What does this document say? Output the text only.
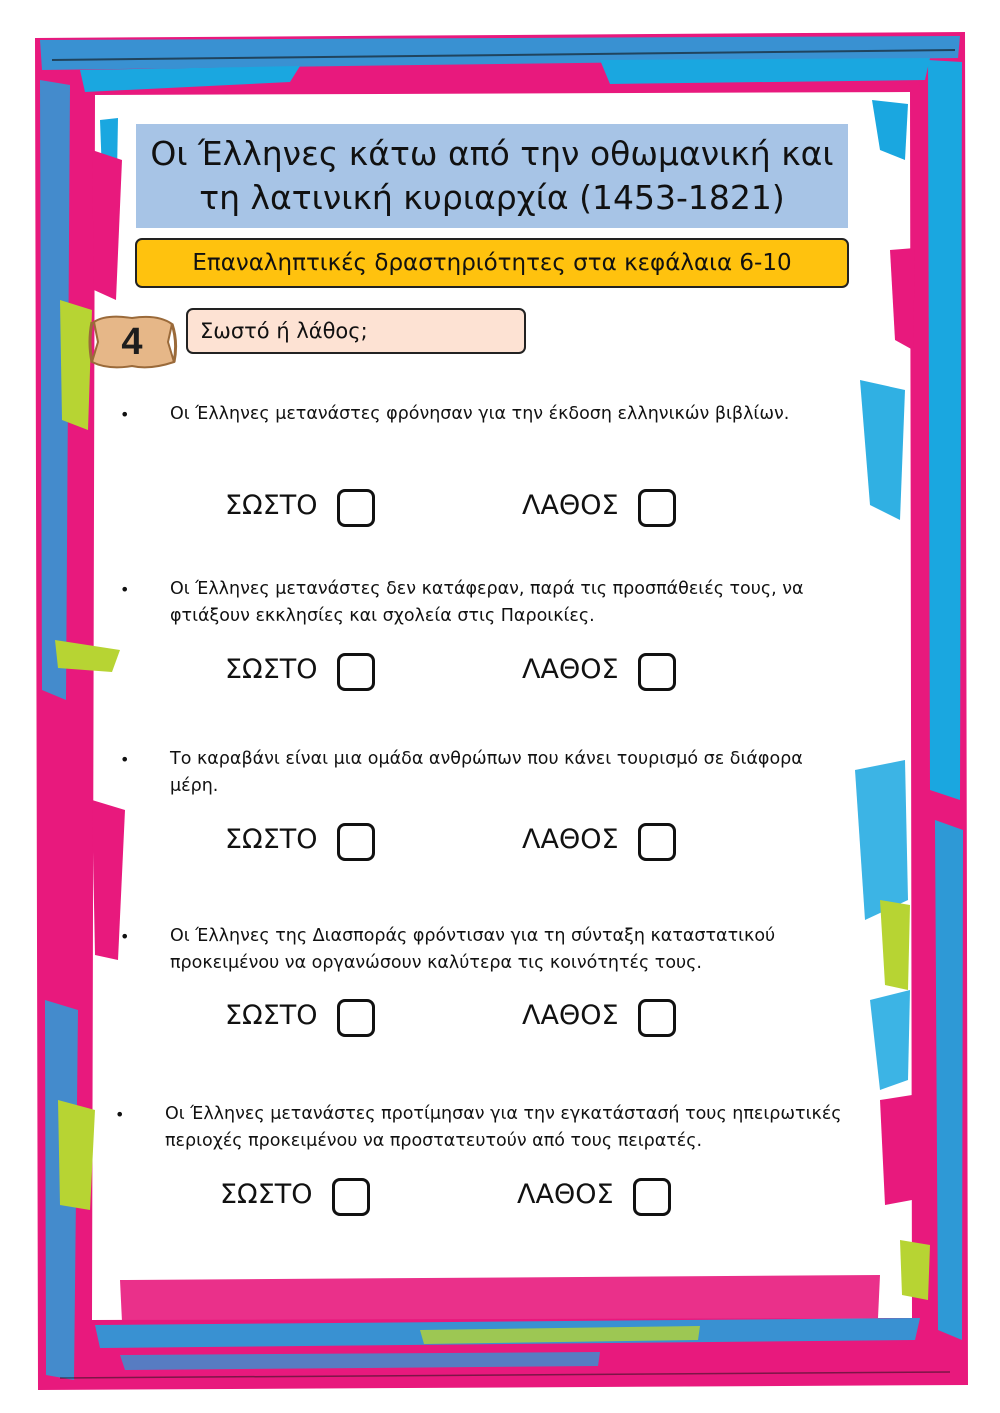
Οι Έλληνες κάτω από την οθωμανική και
τη λατινική κυριαρχία (1453-1821)
Επαναληπτικές δραστηριότητες στα κεφάλαια 6-10
4	Σωστό ή λάθος;
• Οι Έλληνες μετανάστες φρόνησαν για την έκδοση ελληνικών βιβλίων.
ΣΩΣΤΟ	ΛΑΘΟΣ
• Οι Έλληνες μετανάστες δεν κατάφεραν, παρά τις προσπάθειές τους, να
φτιάξουν εκκλησίες και σχολεία στις Παροικίες.
ΣΩΣΤΟ	ΛΑΘΟΣ
• Το καραβάνι είναι μια ομάδα ανθρώπων που κάνει τουρισμό σε διάφορα
μέρη.
ΣΩΣΤΟ	ΛΑΘΟΣ
• Οι Έλληνες της Διασποράς φρόντισαν για τη σύνταξη καταστατικού
προκειμένου να οργανώσουν καλύτερα τις κοινότητές τους.
ΣΩΣΤΟ	ΛΑΘΟΣ
• Οι Έλληνες μετανάστες προτίμησαν για την εγκατάστασή τους ηπειρωτικές
περιοχές προκειμένου να προστατευτούν από τους πειρατές.
ΣΩΣΤΟ	ΛΑΘΟΣ
